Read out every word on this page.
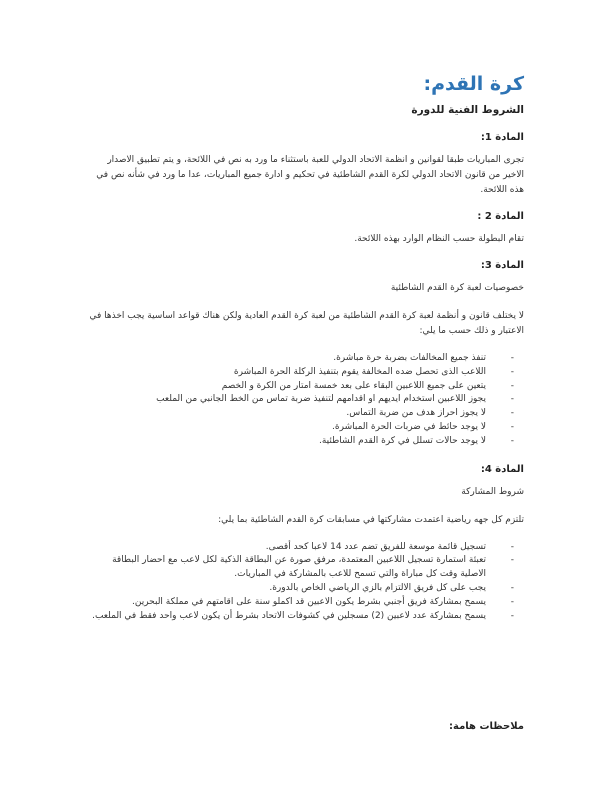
كرة القدم:

الشروط الفنية للدورة

المادة 1:

تجرى المباريات طبقا لقوانين و انظمة الاتحاد الدولي للعبة باستثناء ما ورد به نص في اللائحة، و يتم تطبيق الاصدار الاخير من قانون الاتحاد الدولي لكرة القدم الشاطئية في تحكيم و ادارة جميع المباريات، عدا ما ورد في شأنه نص في هذه اللائحة.

المادة 2 :

تقام البطولة حسب النظام الوارد بهذه اللائحة.

المادة 3:

خصوصيات لعبة كرة القدم الشاطئية

لا يختلف قانون و أنظمة لعبة كرة القدم الشاطئية من لعبة كرة القدم العادية ولكن هناك قواعد اساسية يجب اخذها في الاعتبار و ذلك حسب ما يلي:

- تنفذ جميع المخالفات بضربة حرة مباشرة.
- اللاعب الذى تحصل ضده المخالفة يقوم بتنفيذ الركلة الحرة المباشرة
- يتعين على جميع اللاعبين البقاء على بعد خمسة امتار من الكرة و الخصم
- يجوز اللاعبين استخدام ايديهم او اقدامهم لتنفيذ ضربة تماس من الخط الجانبي من الملعب
- لا يجوز احراز هدف من ضربة التماس.
- لا يوجد حائط في ضربات الحرة المباشرة.
- لا يوجد حالات تسلل في كرة القدم الشاطئية.

المادة 4:

شروط المشاركة

تلتزم كل جهه رياضية اعتمدت مشاركتها في مسابقات كرة القدم الشاطئية بما يلي:

- تسجيل قائمة موسعة للفريق تضم عدد 14 لاعبا كحد أقصى.
- تعبئة استمارة تسجيل اللاعبين المعتمدة، مرفق صورة عن البطاقة الذكية لكل لاعب مع احضار البطاقة الاصلية وقت كل مباراة والتي تسمح للاعب بالمشاركة في المباريات.
- يجب على كل فريق الالتزام بالزي الرياضي الخاص بالدورة.
- يسمح بمشاركة فريق أجنبي بشرط يكون الاعبين قد اكملو سنة على اقامتهم في مملكة البحرين.
- يسمح بمشاركة عدد لاعبين (2) مسجلين في كشوفات الاتحاد بشرط أن يكون لاعب واحد فقط في الملعب.

ملاحظات هامة:
